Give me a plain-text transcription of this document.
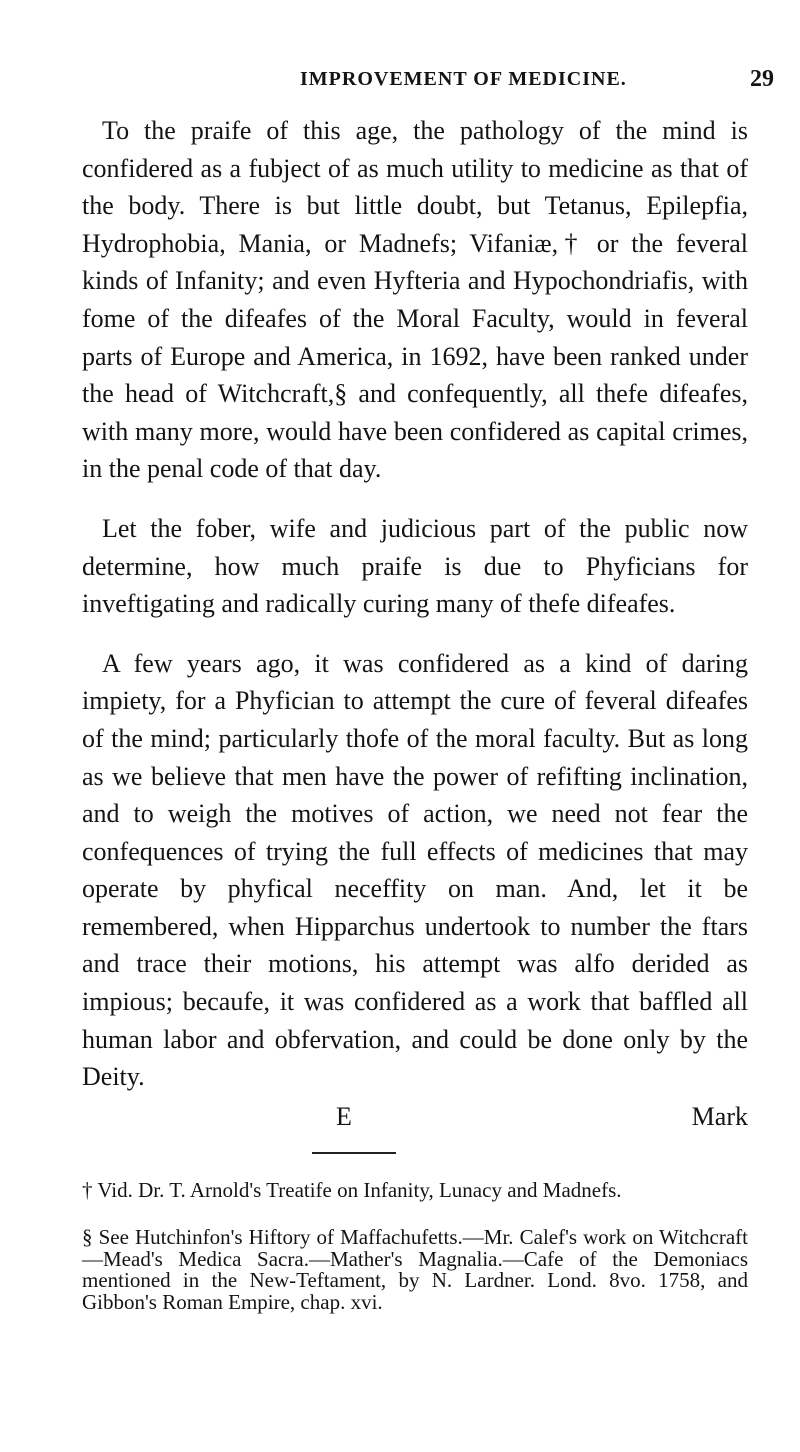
IMPROVEMENT OF MEDICINE.	29

To the praife of this age, the pathology of the mind is confidered as a fubject of as much utility to medicine as that of the body. There is but little doubt, but Tetanus, Epilepfia, Hydrophobia, Mania, or Madnefs; Vifaniæ,† or the feveral kinds of Infanity; and even Hyfteria and Hypochondriafis, with fome of the difeafes of the Moral Faculty, would in feveral parts of Europe and America, in 1692, have been ranked under the head of Witchcraft,§ and confequently, all thefe difeafes, with many more, would have been confidered as capital crimes, in the penal code of that day.

Let the fober, wife and judicious part of the public now determine, how much praife is due to Phyficians for inveftigating and radically curing many of thefe difeafes.

A few years ago, it was confidered as a kind of daring impiety, for a Phyfician to attempt the cure of feveral difeafes of the mind; particularly thofe of the moral faculty. But as long as we believe that men have the power of refifting inclination, and to weigh the motives of action, we need not fear the confequences of trying the full effects of medicines that may operate by phyfical neceffity on man. And, let it be remembered, when Hipparchus undertook to number the ftars and trace their motions, his attempt was alfo derided as impious; becaufe, it was confidered as a work that baffled all human labor and obfervation, and could be done only by the Deity.

E	Mark

† Vid. Dr. T. Arnold's Treatife on Infanity, Lunacy and Madnefs.

§ See Hutchinfon's Hiftory of Maffachufetts.—Mr. Calef's work on Witchcraft—Mead's Medica Sacra.—Mather's Magnalia.—Cafe of the Demoniacs mentioned in the New-Teftament, by N. Lardner. Lond. 8vo. 1758, and Gibbon's Roman Empire, chap. xvi.
